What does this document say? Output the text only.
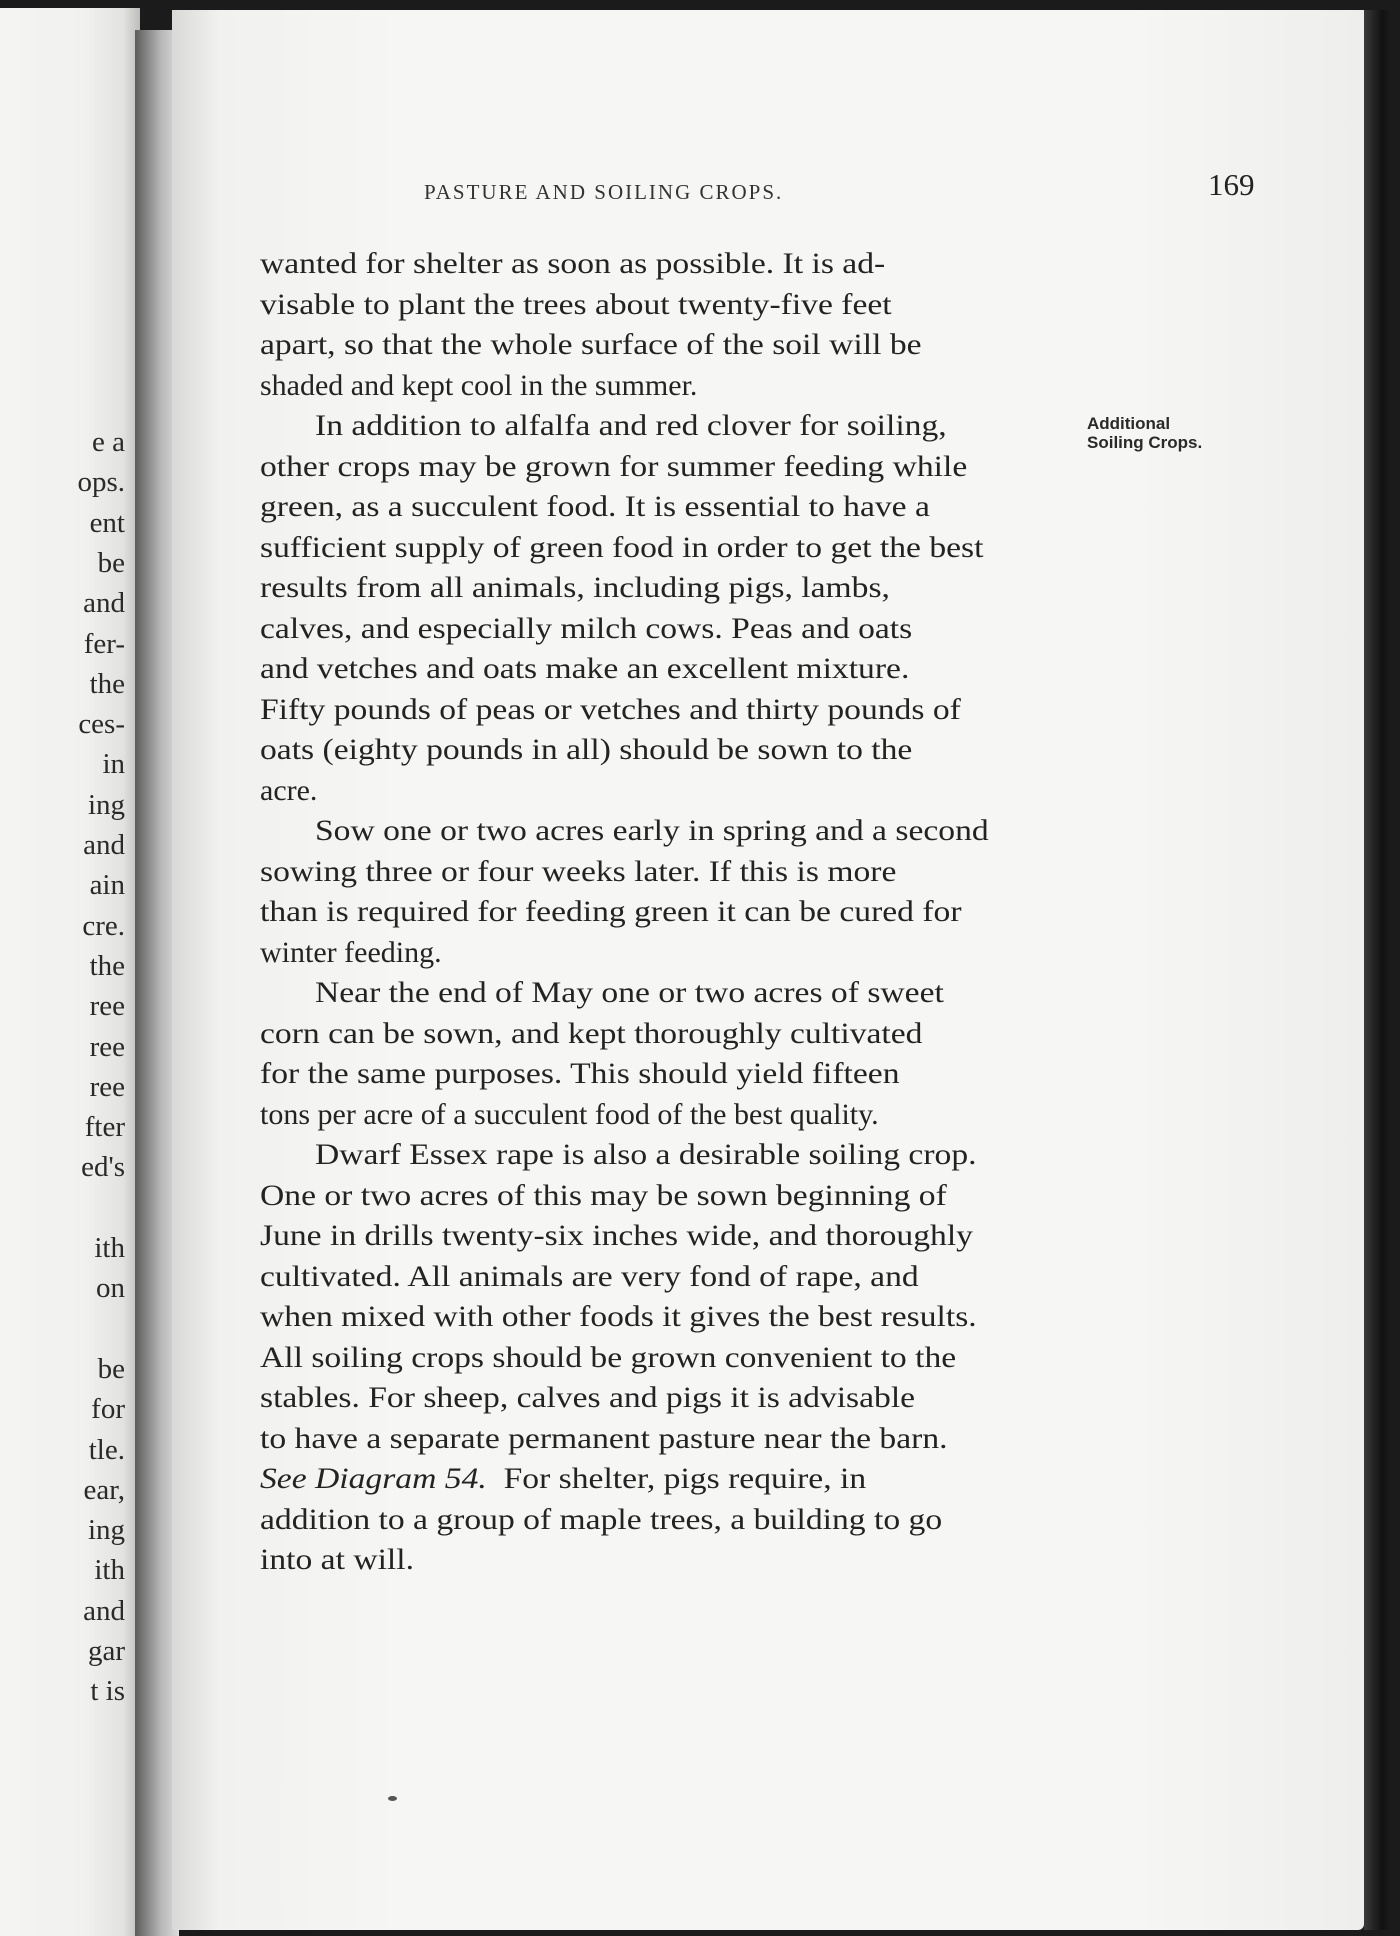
e a
ops.
ent
be
and
fer-
the
ces-
in
ing
and
ain
cre.
the
ree
ree
ree
fter
ed's
ith
on
be
for
tle.
ear,
ing
ith
and
gar
t is
PASTURE AND SOILING CROPS.	169
Additional
Soiling Crops.
wanted for shelter as soon as possible. It is ad-
visable to plant the trees about twenty-five feet
apart, so that the whole surface of the soil will be
shaded and kept cool in the summer.
In addition to alfalfa and red clover for soiling,
other crops may be grown for summer feeding while
green, as a succulent food. It is essential to have a
sufficient supply of green food in order to get the best
results from all animals, including pigs, lambs,
calves, and especially milch cows. Peas and oats
and vetches and oats make an excellent mixture.
Fifty pounds of peas or vetches and thirty pounds of
oats (eighty pounds in all) should be sown to the
acre.
Sow one or two acres early in spring and a second
sowing three or four weeks later. If this is more
than is required for feeding green it can be cured for
winter feeding.
Near the end of May one or two acres of sweet
corn can be sown, and kept thoroughly cultivated
for the same purposes. This should yield fifteen
tons per acre of a succulent food of the best quality.
Dwarf Essex rape is also a desirable soiling crop.
One or two acres of this may be sown beginning of
June in drills twenty-six inches wide, and thoroughly
cultivated. All animals are very fond of rape, and
when mixed with other foods it gives the best results.
All soiling crops should be grown convenient to the
stables. For sheep, calves and pigs it is advisable
to have a separate permanent pasture near the barn.
See Diagram 54. For shelter, pigs require, in
addition to a group of maple trees, a building to go
into at will.
